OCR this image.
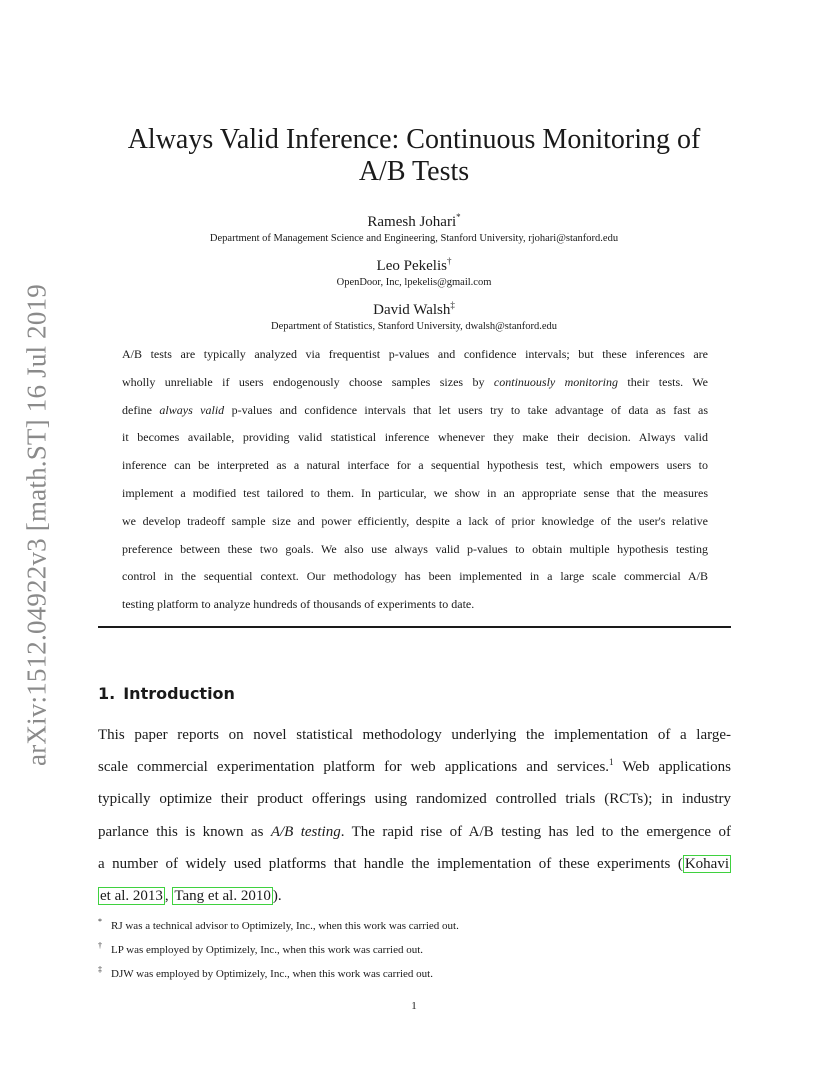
arXiv:1512.04922v3 [math.ST] 16 Jul 2019
Always Valid Inference: Continuous Monitoring of
A/B Tests
Ramesh Johari*
Department of Management Science and Engineering, Stanford University, rjohari@stanford.edu
Leo Pekelis†
OpenDoor, Inc, lpekelis@gmail.com
David Walsh‡
Department of Statistics, Stanford University, dwalsh@stanford.edu

A/B tests are typically analyzed via frequentist p-values and confidence intervals; but these inferences are
wholly unreliable if users endogenously choose samples sizes by continuously monitoring their tests. We
define always valid p-values and confidence intervals that let users try to take advantage of data as fast as
it becomes available, providing valid statistical inference whenever they make their decision. Always valid
inference can be interpreted as a natural interface for a sequential hypothesis test, which empowers users to
implement a modified test tailored to them. In particular, we show in an appropriate sense that the measures
we develop tradeoff sample size and power efficiently, despite a lack of prior knowledge of the user's relative
preference between these two goals. We also use always valid p-values to obtain multiple hypothesis testing
control in the sequential context. Our methodology has been implemented in a large scale commercial A/B
testing platform to analyze hundreds of thousands of experiments to date.

1. Introduction

This paper reports on novel statistical methodology underlying the implementation of a large-
scale commercial experimentation platform for web applications and services.$^1$ Web applications
typically optimize their product offerings using randomized controlled trials (RCTs); in industry
parlance this is known as A/B testing. The rapid rise of A/B testing has led to the emergence of
a number of widely used platforms that handle the implementation of these experiments ( Kohavi
et al. 2013 , Tang et al. 2010 ).

* RJ was a technical advisor to Optimizely, Inc., when this work was carried out.
† LP was employed by Optimizely, Inc., when this work was carried out.
‡ DJW was employed by Optimizely, Inc., when this work was carried out.
1
